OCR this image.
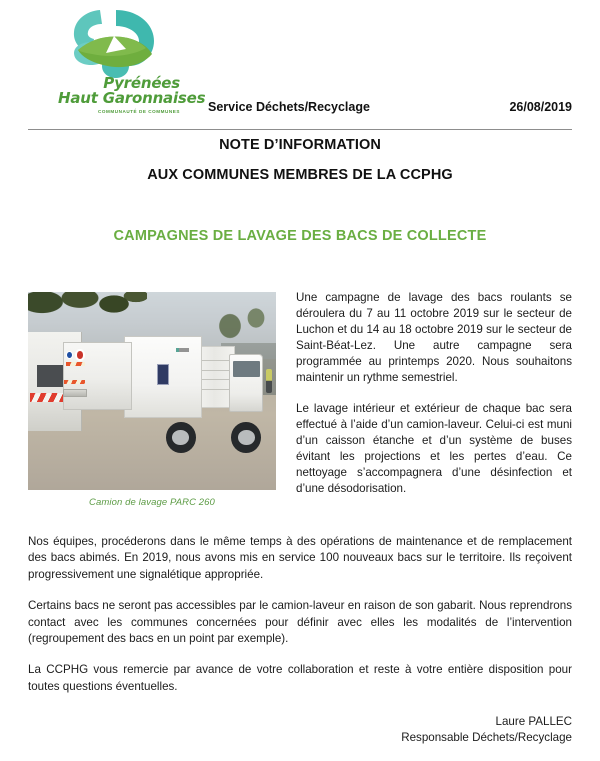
Pyrénées
Haut Garonnaises
COMMUNAUTÉ DE COMMUNES Service Déchets/Recyclage	26/08/2019
NOTE D’INFORMATION
AUX COMMUNES MEMBRES DE LA CCPHG
CAMPAGNES DE LAVAGE DES BACS DE COLLECTE
Camion de lavage PARC 260

Une campagne de lavage des bacs roulants se déroulera du 7 au 11 octobre 2019 sur le secteur de Luchon et du 14 au 18 octobre 2019 sur le secteur de Saint-Béat-Lez. Une autre campagne sera programmée au printemps 2020. Nous souhaitons maintenir un rythme semestriel.

Le lavage intérieur et extérieur de chaque bac sera effectué à l’aide d’un camion-laveur. Celui-ci est muni d’un caisson étanche et d’un système de buses évitant les projections et les pertes d’eau. Ce nettoyage s’accompagnera d’une désinfection et d’une désodorisation.

Nos équipes, procéderons dans le même temps à des opérations de maintenance et de remplacement des bacs abimés. En 2019, nous avons mis en service 100 nouveaux bacs sur le territoire. Ils reçoivent progressivement une signalétique appropriée.

Certains bacs ne seront pas accessibles par le camion-laveur en raison de son gabarit. Nous reprendrons contact avec les communes concernées pour définir avec elles les modalités de l’intervention (regroupement des bacs en un point par exemple).

La CCPHG vous remercie par avance de votre collaboration et reste à votre entière disposition pour toutes questions éventuelles.

Laure PALLEC
Responsable Déchets/Recyclage
